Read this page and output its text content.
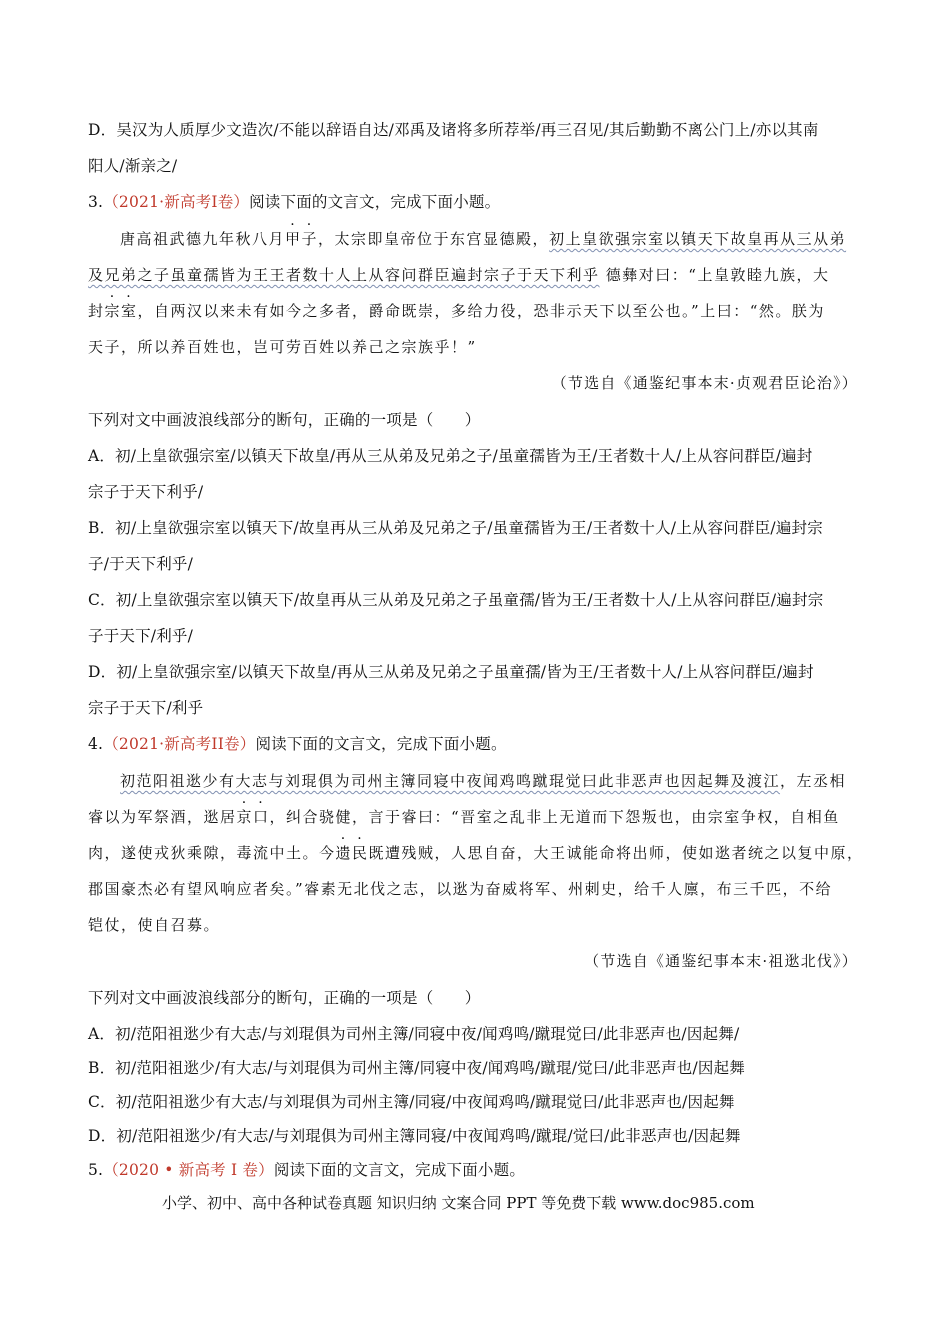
D．吴汉为人质厚少文造次/不能以辞语自达/邓禹及诸将多所荐举/再三召见/其后勤勤不离公门上/亦以其南
阳人/渐亲之/
3.（2021·新高考I卷）阅读下面的文言文，完成下面小题。
唐高祖武德九年秋八月甲子，太宗即皇帝位于东宫显德殿，初上皇欲强宗室以镇天下故皇再从三从弟
及兄弟之子虽童孺皆为王王者数十人上从容问群臣遍封宗子于天下利乎 德彝对曰：“上皇敦睦九族，大
封宗室，自两汉以来未有如今之多者，爵命既崇，多给力役，恐非示天下以至公也。”上曰：“然。朕为
天子，所以养百姓也，岂可劳百姓以养己之宗族乎！”
（节选自《通鉴纪事本末·贞观君臣论治》）
下列对文中画波浪线部分的断句，正确的一项是（　　）
A．初/上皇欲强宗室/以镇天下故皇/再从三从弟及兄弟之子/虽童孺皆为王/王者数十人/上从容问群臣/遍封
宗子于天下利乎/
B．初/上皇欲强宗室以镇天下/故皇再从三从弟及兄弟之子/虽童孺皆为王/王者数十人/上从容问群臣/遍封宗
子/于天下利乎/
C．初/上皇欲强宗室以镇天下/故皇再从三从弟及兄弟之子虽童孺/皆为王/王者数十人/上从容问群臣/遍封宗
子于天下/利乎/
D．初/上皇欲强宗室/以镇天下故皇/再从三从弟及兄弟之子虽童孺/皆为王/王者数十人/上从容问群臣/遍封
宗子于天下/利乎
4.（2021·新高考II卷）阅读下面的文言文，完成下面小题。
初范阳祖逖少有大志与刘琨俱为司州主簿同寝中夜闻鸡鸣蹴琨觉曰此非恶声也因起舞及渡江，左丞相
睿以为军祭酒，逖居京口，纠合骁健，言于睿曰：“晋室之乱非上无道而下怨叛也，由宗室争权，自相鱼
肉，遂使戎狄乘隙，毒流中土。今遗民既遭残贼，人思自奋，大王诚能命将出师，使如逖者统之以复中原，
郡国豪杰必有望风响应者矣。”睿素无北伐之志，以逖为奋威将军、州刺史，给千人廪，布三千匹，不给
铠仗，使自召募。
（节选自《通鉴纪事本末·祖逖北伐》）
下列对文中画波浪线部分的断句，正确的一项是（　　）
A．初/范阳祖逖少有大志/与刘琨俱为司州主簿/同寝中夜/闻鸡鸣/蹴琨觉曰/此非恶声也/因起舞/
B．初/范阳祖逖少/有大志/与刘琨俱为司州主簿/同寝中夜/闻鸡鸣/蹴琨/觉曰/此非恶声也/因起舞
C．初/范阳祖逖少有大志/与刘琨俱为司州主簿/同寝/中夜闻鸡鸣/蹴琨觉曰/此非恶声也/因起舞
D．初/范阳祖逖少/有大志/与刘琨俱为司州主簿同寝/中夜闻鸡鸣/蹴琨/觉曰/此非恶声也/因起舞
5.（2020 • 新高考 I 卷）阅读下面的文言文，完成下面小题。
小学、初中、高中各种试卷真题 知识归纳 文案合同 PPT 等免费下载 www.doc985.com
